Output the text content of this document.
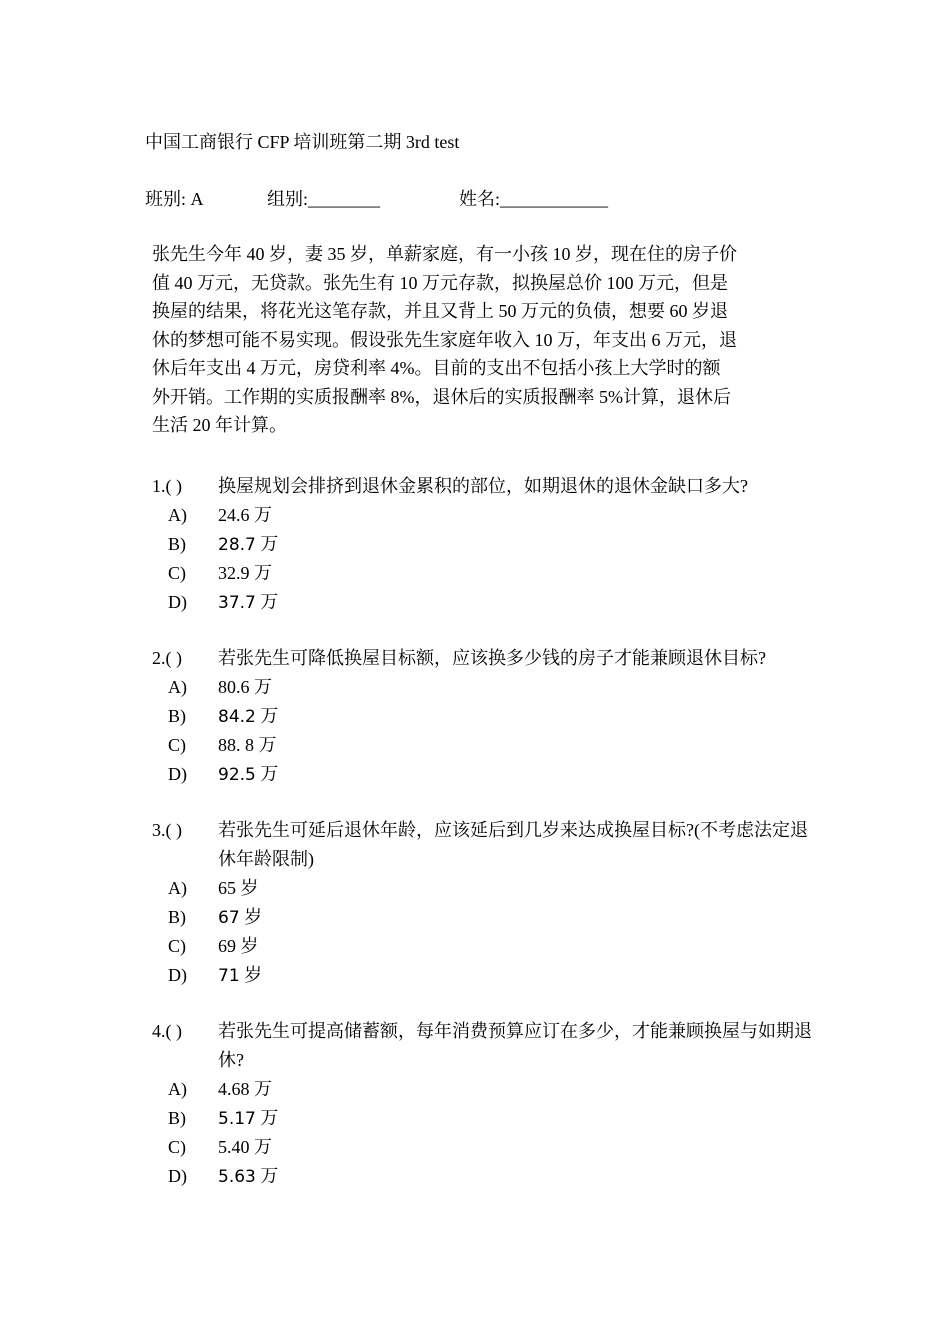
中国工商银行 CFP 培训班第二期 3rd test
班别: A	组别:________	姓名:____________
张先生今年 40 岁，妻 35 岁，单薪家庭，有一小孩 10 岁，现在住的房子价值 40 万元，无贷款。张先生有 10 万元存款，拟换屋总价 100 万元，但是换屋的结果，将花光这笔存款，并且又背上 50 万元的负债，想要 60 岁退休的梦想可能不易实现。假设张先生家庭年收入 10 万，年支出 6 万元，退休后年支出 4 万元，房贷利率 4%。目前的支出不包括小孩上大学时的额外开销。工作期的实质报酬率 8%，退休后的实质报酬率 5%计算，退休后生活 20 年计算。
1.( ) 换屋规划会排挤到退休金累积的部位，如期退休的退休金缺口多大?
A) 24.6 万
B) 28.7 万
C) 32.9 万
D) 37.7 万
2.( ) 若张先生可降低换屋目标额，应该换多少钱的房子才能兼顾退休目标?
A) 80.6 万
B) 84.2 万
C) 88. 8 万
D) 92.5 万
3.( ) 若张先生可延后退休年龄，应该延后到几岁来达成换屋目标?(不考虑法定退休年龄限制)
A) 65 岁
B) 67 岁
C) 69 岁
D) 71 岁
4.( ) 若张先生可提高储蓄额，每年消费预算应订在多少，才能兼顾换屋与如期退休?
A) 4.68 万
B) 5.17 万
C) 5.40 万
D) 5.63 万
